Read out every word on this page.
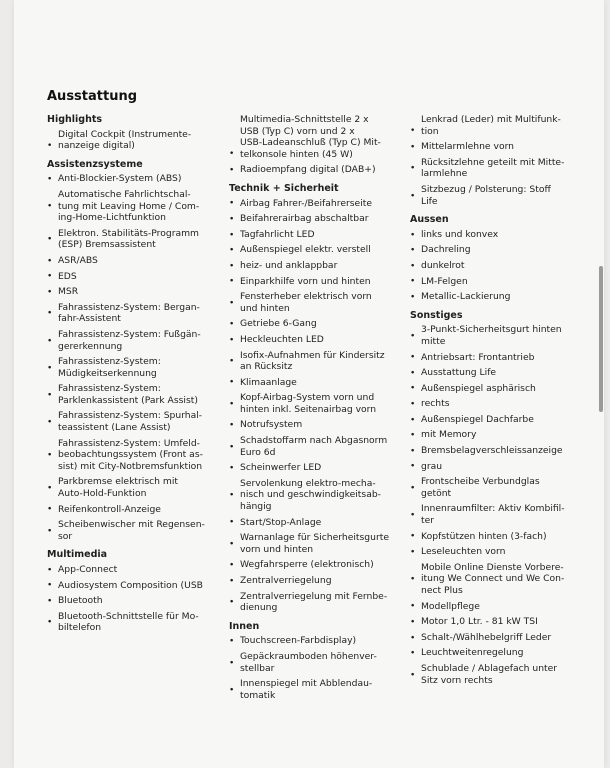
Ausstattung
Highlights
• Digital Cockpit (Instrumente-
nanzeige digital)
Assistenzsysteme
• Anti-Blockier-System (ABS)
• Automatische Fahrlichtschal-
tung mit Leaving Home / Com-
ing-Home-Lichtfunktion
• Elektron. Stabilitäts-Programm
(ESP) Bremsassistent
• ASR/ABS
• EDS
• MSR
• Fahrassistenz-System: Bergan-
fahr-Assistent
• Fahrassistenz-System: Fußgän-
gererkennung
• Fahrassistenz-System:
Müdigkeitserkennung
• Fahrassistenz-System:
Parklenkassistent (Park Assist)
• Fahrassistenz-System: Spurhal-
teassistent (Lane Assist)
• Fahrassistenz-System: Umfeld-
beobachtungssystem (Front as-
sist) mit City-Notbremsfunktion
• Parkbremse elektrisch mit
Auto-Hold-Funktion
• Reifenkontroll-Anzeige
• Scheibenwischer mit Regensen-
sor
Multimedia
• App-Connect
• Audiosystem Composition (USB
• Bluetooth
• Bluetooth-Schnittstelle für Mo-
biltelefon
• Multimedia-Schnittstelle 2 x
USB (Typ C) vorn und 2 x
USB-Ladeanschluß (Typ C) Mit-
telkonsole hinten (45 W)
• Radioempfang digital (DAB+)
Technik + Sicherheit
• Airbag Fahrer-/Beifahrerseite
• Beifahrerairbag abschaltbar
• Tagfahrlicht LED
• Außenspiegel elektr. verstell
• heiz- und anklappbar
• Einparkhilfe vorn und hinten
• Fensterheber elektrisch vorn
und hinten
• Getriebe 6-Gang
• Heckleuchten LED
• Isofix-Aufnahmen für Kindersitz
an Rücksitz
• Klimaanlage
• Kopf-Airbag-System vorn und
hinten inkl. Seitenairbag vorn
• Notrufsystem
• Schadstoffarm nach Abgasnorm
Euro 6d
• Scheinwerfer LED
• Servolenkung elektro-mecha-
nisch und geschwindigkeitsab-
hängig
• Start/Stop-Anlage
• Warnanlage für Sicherheitsgurte
vorn und hinten
• Wegfahrsperre (elektronisch)
• Zentralverriegelung
• Zentralverriegelung mit Fernbe-
dienung
Innen
• Touchscreen-Farbdisplay)
• Gepäckraumboden höhenver-
stellbar
• Innenspiegel mit Abblendau-
tomatik
• Lenkrad (Leder) mit Multifunk-
tion
• Mittelarmlehne vorn
• Rücksitzlehne geteilt mit Mitte-
larmlehne
• Sitzbezug / Polsterung: Stoff Life
Aussen
• links und konvex
• Dachreling
• dunkelrot
• LM-Felgen
• Metallic-Lackierung
Sonstiges
• 3-Punkt-Sicherheitsgurt hinten
mitte
• Antriebsart: Frontantrieb
• Ausstattung Life
• Außenspiegel asphärisch
• rechts
• Außenspiegel Dachfarbe
• mit Memory
• Bremsbelagverschleissanzeige
• grau
• Frontscheibe Verbundglas
getönt
• Innenraumfilter: Aktiv Kombifil-
ter
• Kopfstützen hinten (3-fach)
• Leseleuchten vorn
• Mobile Online Dienste Vorbere-
itung We Connect und We Con-
nect Plus
• Modellpflege
• Motor 1,0 Ltr. - 81 kW TSI
• Schalt-/Wählhebelgriff Leder
• Leuchtweitenregelung
• Schublade / Ablagefach unter
Sitz vorn rechts
